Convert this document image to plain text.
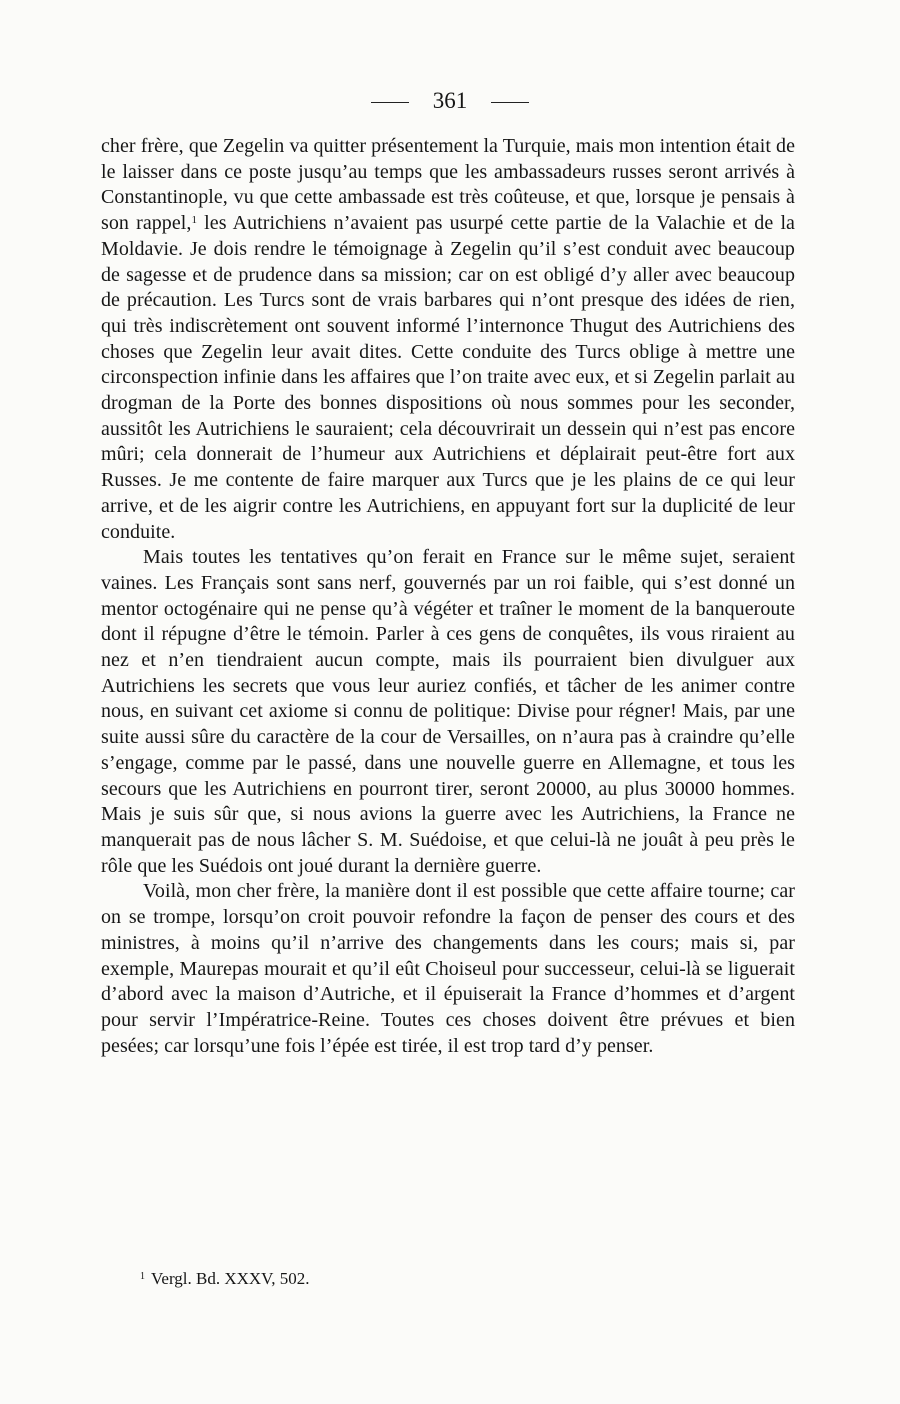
361

cher frère, que Zegelin va quitter présentement la Turquie, mais mon intention était de le laisser dans ce poste jusqu’au temps que les ambassadeurs russes seront arrivés à Constantinople, vu que cette ambassade est très coûteuse, et que, lorsque je pensais à son rappel,$^1$ les Autrichiens n’avaient pas usurpé cette partie de la Valachie et de la Moldavie. Je dois rendre le témoignage à Zegelin qu’il s’est conduit avec beaucoup de sagesse et de prudence dans sa mission; car on est obligé d’y aller avec beaucoup de précaution. Les Turcs sont de vrais barbares qui n’ont presque des idées de rien, qui très indiscrètement ont souvent informé l’internonce Thugut des Autrichiens des choses que Zegelin leur avait dites. Cette conduite des Turcs oblige à mettre une circonspection infinie dans les affaires que l’on traite avec eux, et si Zegelin parlait au drogman de la Porte des bonnes dispositions où nous sommes pour les seconder, aussitôt les Autrichiens le sauraient; cela découvrirait un dessein qui n’est pas encore mûri; cela donnerait de l’humeur aux Autrichiens et déplairait peut-être fort aux Russes. Je me contente de faire marquer aux Turcs que je les plains de ce qui leur arrive, et de les aigrir contre les Autrichiens, en appuyant fort sur la duplicité de leur conduite.

Mais toutes les tentatives qu’on ferait en France sur le même sujet, seraient vaines. Les Français sont sans nerf, gouvernés par un roi faible, qui s’est donné un mentor octogénaire qui ne pense qu’à végéter et traîner le moment de la banqueroute dont il répugne d’être le témoin. Parler à ces gens de conquêtes, ils vous riraient au nez et n’en tiendraient aucun compte, mais ils pourraient bien divulguer aux Autrichiens les secrets que vous leur auriez confiés, et tâcher de les animer contre nous, en suivant cet axiome si connu de politique: Divise pour régner! Mais, par une suite aussi sûre du caractère de la cour de Versailles, on n’aura pas à craindre qu’elle s’engage, comme par le passé, dans une nouvelle guerre en Allemagne, et tous les secours que les Autrichiens en pourront tirer, seront 20000, au plus 30000 hommes. Mais je suis sûr que, si nous avions la guerre avec les Autrichiens, la France ne manquerait pas de nous lâcher S. M. Suédoise, et que celui-là ne jouât à peu près le rôle que les Suédois ont joué durant la dernière guerre.

Voilà, mon cher frère, la manière dont il est possible que cette affaire tourne; car on se trompe, lorsqu’on croit pouvoir refondre la façon de penser des cours et des ministres, à moins qu’il n’arrive des changements dans les cours; mais si, par exemple, Maurepas mourait et qu’il eût Choiseul pour successeur, celui-là se liguerait d’abord avec la maison d’Autriche, et il épuiserait la France d’hommes et d’argent pour servir l’Impératrice-Reine. Toutes ces choses doivent être prévues et bien pesées; car lorsqu’une fois l’épée est tirée, il est trop tard d’y penser.

$^1$ Vergl. Bd. XXXV, 502.
